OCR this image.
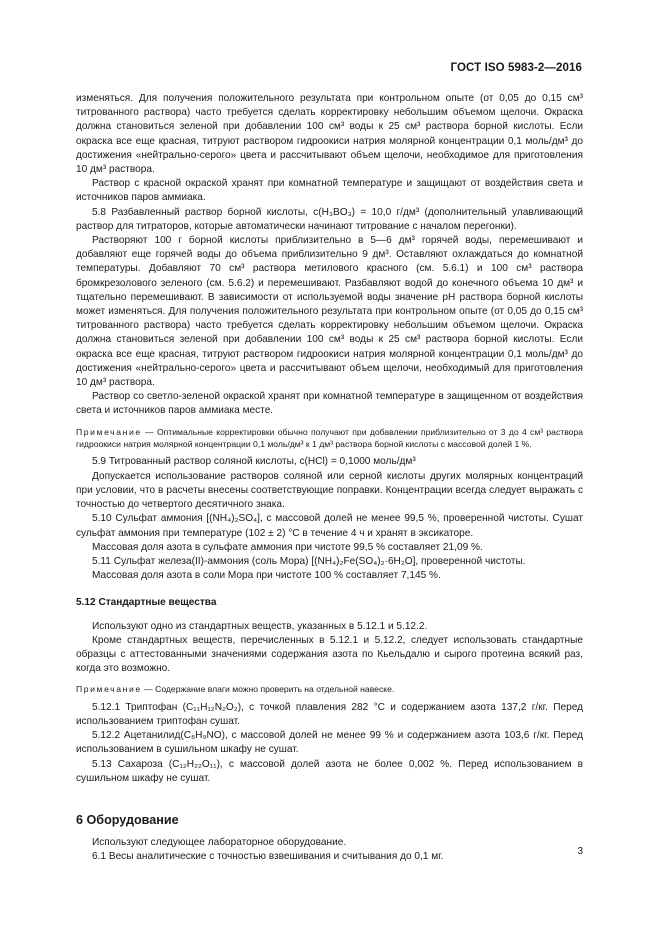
ГОСТ ISO 5983-2—2016

изменяться. Для получения положительного результата при контрольном опыте (от 0,05 до 0,15 см³ титрованного раствора) часто требуется сделать корректировку небольшим объемом щелочи. Окраска должна становиться зеленой при добавлении 100 см³ воды к 25 см³ раствора борной кислоты. Если окраска все еще красная, титруют раствором гидроокиси натрия молярной концентрации 0,1 моль/дм³ до достижения «нейтрально-серого» цвета и рассчитывают объем щелочи, необходимое для приготовления 10 дм³ раствора.

Раствор с красной окраской хранят при комнатной температуре и защищают от воздействия света и источников паров аммиака.

5.8 Разбавленный раствор борной кислоты, c(H₃BO₃) = 10,0 г/дм³ (дополнительный улавливающий раствор для титраторов, которые автоматически начинают титрование с началом перегонки).

Растворяют 100 г борной кислоты приблизительно в 5—6 дм³ горячей воды, перемешивают и добавляют еще горячей воды до объема приблизительно 9 дм³. Оставляют охлаждаться до комнатной температуры. Добавляют 70 см³ раствора метилового красного (см. 5.6.1) и 100 см³ раствора бромкрезолового зеленого (см. 5.6.2) и перемешивают. Разбавляют водой до конечного объема 10 дм³ и тщательно перемешивают. В зависимости от используемой воды значение pH раствора борной кислоты может изменяться. Для получения положительного результата при контрольном опыте (от 0,05 до 0,15 см³ титрованного раствора) часто требуется сделать корректировку небольшим объемом щелочи. Окраска должна становиться зеленой при добавлении 100 см³ воды к 25 см³ раствора борной кислоты. Если окраска все еще красная, титруют раствором гидроокиси натрия молярной концентрации 0,1 моль/дм³ до достижения «нейтрально-серого» цвета и рассчитывают объем щелочи, необходимый для приготовления 10 дм³ раствора.

Раствор со светло-зеленой окраской хранят при комнатной температуре в защищенном от воздействия света и источников паров аммиака месте.

Примечание — Оптимальные корректировки обычно получают при добавлении приблизительно от 3 до 4 см³ раствора гидроокиси натрия молярной концентрации 0,1 моль/дм³ к 1 дм³ раствора борной кислоты с массовой долей 1 %.

5.9 Титрованный раствор соляной кислоты, c(HCl) = 0,1000 моль/дм³

Допускается использование растворов соляной или серной кислоты других молярных концентраций при условии, что в расчеты внесены соответствующие поправки. Концентрации всегда следует выражать с точностью до четвертого десятичного знака.

5.10 Сульфат аммония [(NH₄)₂SO₄], с массовой долей не менее 99,5 %, проверенной чистоты. Сушат сульфат аммония при температуре (102 ± 2) °С в течение 4 ч и хранят в эксикаторе.

Массовая доля азота в сульфате аммония при чистоте 99,5 % составляет 21,09 %.

5.11 Сульфат железа(II)-аммония (соль Мора) [(NH₄)₂Fe(SO₄)₂·6H₂O], проверенной чистоты.

Массовая доля азота в соли Мора при чистоте 100 % составляет 7,145 %.

5.12 Стандартные вещества

Используют одно из стандартных веществ, указанных в 5.12.1 и 5.12.2.

Кроме стандартных веществ, перечисленных в 5.12.1 и 5.12.2, следует использовать стандартные образцы с аттестованными значениями содержания азота по Кьельдалю и сырого протеина всякий раз, когда это возможно.

Примечание — Содержание влаги можно проверить на отдельной навеске.

5.12.1 Триптофан (C₁₁H₁₂N₂O₂), с точкой плавления 282 °С и содержанием азота 137,2 г/кг. Перед использованием триптофан сушат.

5.12.2 Ацетанилид(C₈H₉NO), с массовой долей не менее 99 % и содержанием азота 103,6 г/кг. Перед использованием в сушильном шкафу не сушат.

5.13 Сахароза (C₁₂H₂₂O₁₁), с массовой долей азота не более 0,002 %. Перед использованием в сушильном шкафу не сушат.

6 Оборудование

Используют следующее лабораторное оборудование.

6.1 Весы аналитические с точностью взвешивания и считывания до 0,1 мг.	3
